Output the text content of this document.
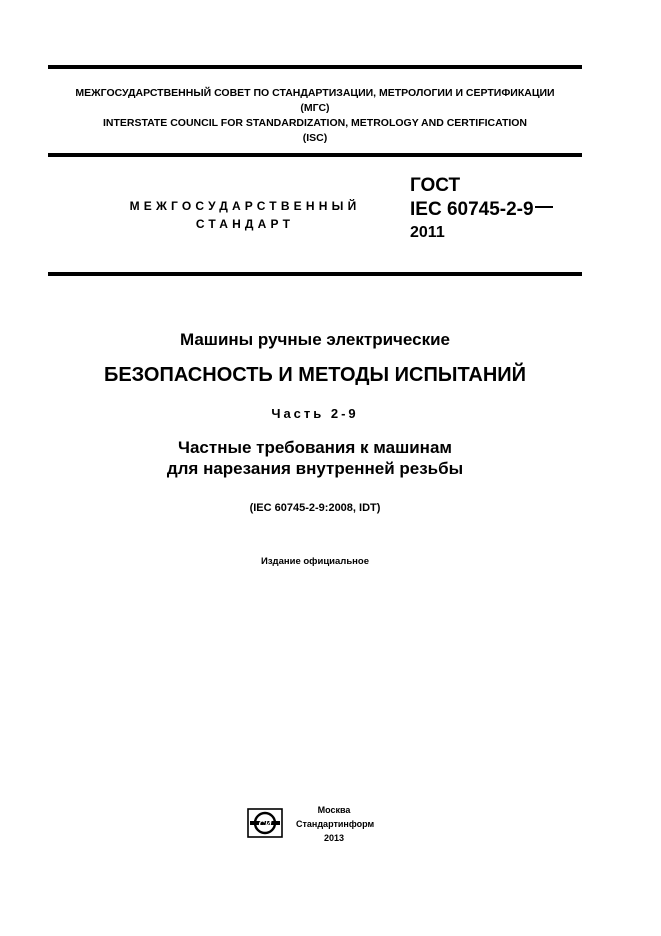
МЕЖГОСУДАРСТВЕННЫЙ СОВЕТ ПО СТАНДАРТИЗАЦИИ, МЕТРОЛОГИИ И СЕРТИФИКАЦИИ
(МГС)
INTERSTATE COUNCIL FOR STANDARDIZATION, METROLOGY AND CERTIFICATION
(ISC)
МЕЖГОСУДАРСТВЕННЫЙ
СТАНДАРТ
ГОСТ
IEC 60745-2-9
2011
Машины ручные электрические
БЕЗОПАСНОСТЬ И МЕТОДЫ ИСПЫТАНИЙ
Часть 2-9
Частные требования к машинам
для нарезания внутренней резьбы
(IEC 60745-2-9:2008, IDT)
Издание официальное
СИ
Москва
Стандартинформ
2013
